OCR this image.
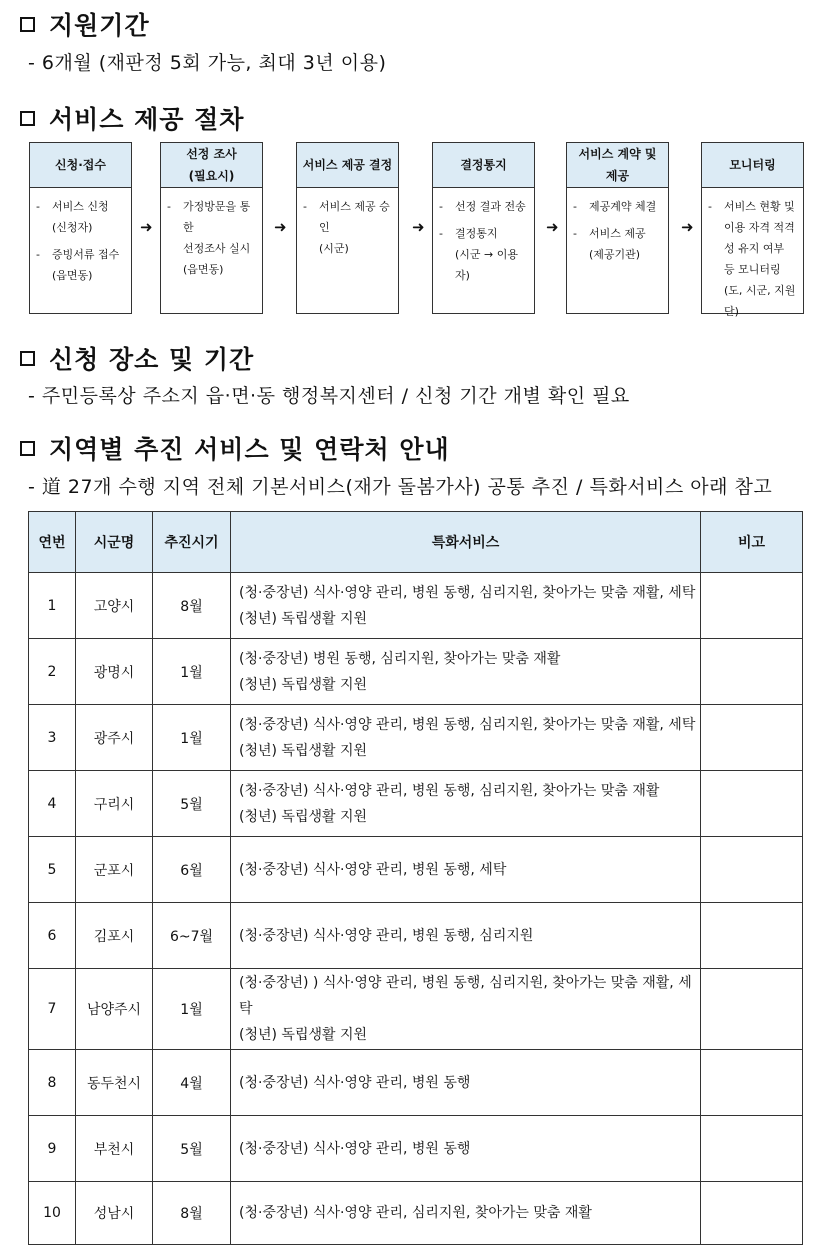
지원기간
- 6개월 (재판정 5회 가능, 최대 3년 이용)
서비스 제공 절차
신청·접수
-	서비스 신청
(신청자)
-	증빙서류 접수
(읍면동)
선정 조사
(필요시)
-	가정방문을 통한
선정조사 실시
(읍면동)
서비스 제공 결정
-	서비스 제공 승인
(시군)
결정통지
-	선정 결과 전송
-	결정통지
(시군 → 이용자)
서비스 계약 및
제공
-	제공계약 체결
-	서비스 제공
(제공기관)
모니터링
-	서비스 현황 및
이용 자격 적격
성 유지 여부
등 모니터링
(도, 시군, 지원단)
➜	➜	➜	➜	➜
신청 장소 및 기간
- 주민등록상 주소지 읍·면·동 행정복지센터 / 신청 기간 개별 확인 필요
지역별 추진 서비스 및 연락처 안내
- 道 27개 수행 지역 전체 기본서비스(재가 돌봄가사) 공통 추진 / 특화서비스 아래 참고
연번	시군명	추진시기	특화서비스	비고
1	고양시	8월	(청·중장년) 식사·영양 관리, 병원 동행, 심리지원, 찾아가는 맞춤 재활, 세탁
(청년) 독립생활 지원	
2	광명시	1월	(청·중장년) 병원 동행, 심리지원, 찾아가는 맞춤 재활
(청년) 독립생활 지원	
3	광주시	1월	(청·중장년) 식사·영양 관리, 병원 동행, 심리지원, 찾아가는 맞춤 재활, 세탁
(청년) 독립생활 지원	
4	구리시	5월	(청·중장년) 식사·영양 관리, 병원 동행, 심리지원, 찾아가는 맞춤 재활
(청년) 독립생활 지원	
5	군포시	6월	(청·중장년) 식사·영양 관리, 병원 동행, 세탁	
6	김포시	6~7월	(청·중장년) 식사·영양 관리, 병원 동행, 심리지원	
7	남양주시	1월	(청·중장년) ) 식사·영양 관리, 병원 동행, 심리지원, 찾아가는 맞춤 재활, 세탁
(청년) 독립생활 지원	
8	동두천시	4월	(청·중장년) 식사·영양 관리, 병원 동행	
9	부천시	5월	(청·중장년) 식사·영양 관리, 병원 동행	
10	성남시	8월	(청·중장년) 식사·영양 관리, 심리지원, 찾아가는 맞춤 재활	
